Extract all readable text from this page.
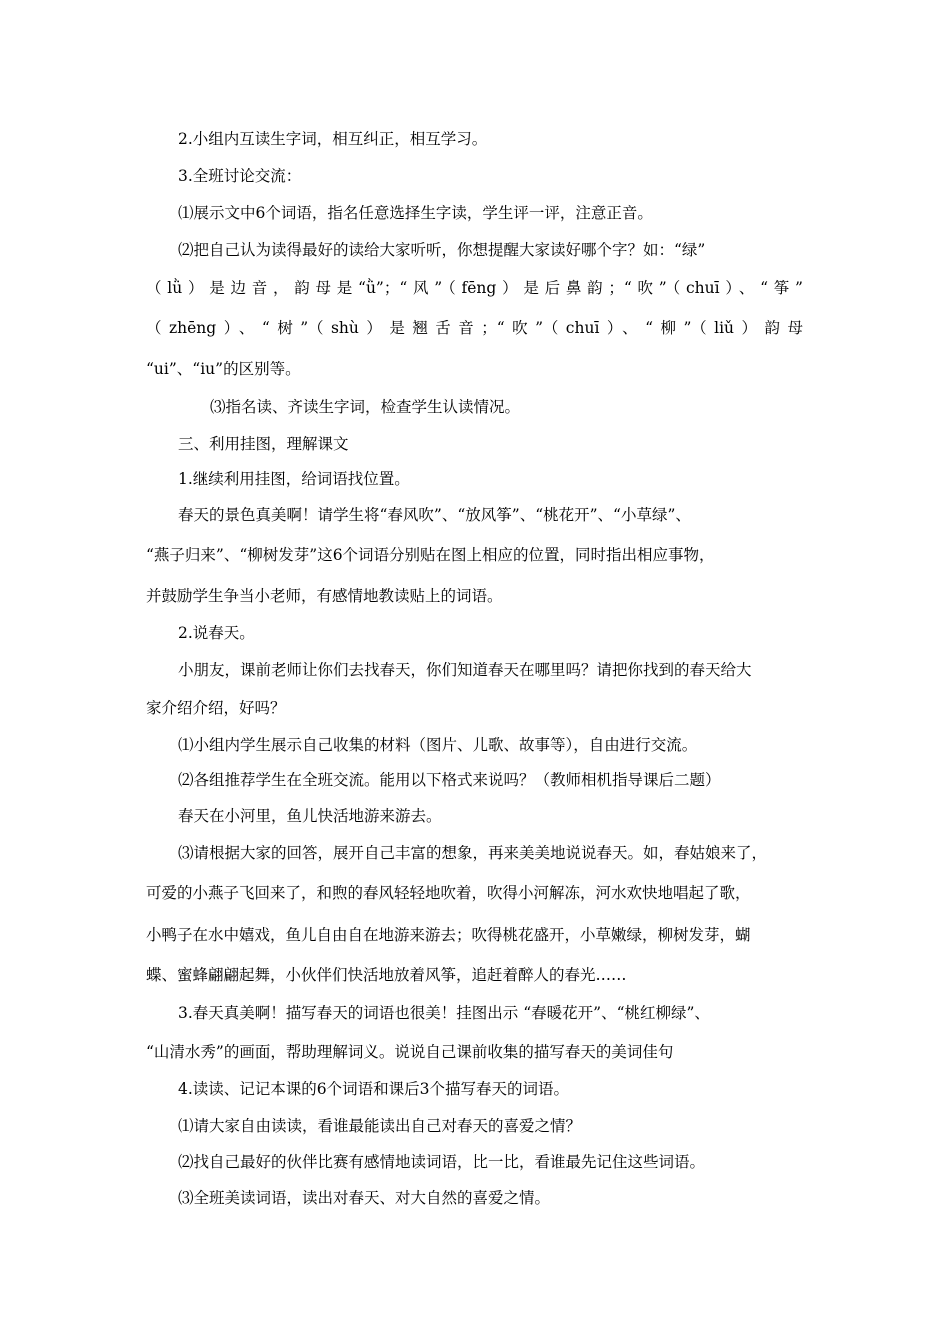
2.小组内互读生字词，相互纠正，相互学习。
3.全班讨论交流：
⑴展示文中6个词语，指名任意选择生字读，学生评一评，注意正音。
⑵把自己认为读得最好的读给大家听听，你想提醒大家读好哪个字？如：“绿”
（lǜ）是边音，韵母是“ǜ”；“风”（fēng）是后鼻韵；“吹”（chuī）、“筝”
（zhēng）、“树”（shù）是翘舌音；“吹”（chuī）、“柳”（liǔ）韵母
“ui”、“iu”的区别等。
⑶指名读、齐读生字词，检查学生认读情况。
三、利用挂图，理解课文
1.继续利用挂图，给词语找位置。
春天的景色真美啊！请学生将“春风吹”、“放风筝”、“桃花开”、“小草绿”、
“燕子归来”、“柳树发芽”这6个词语分别贴在图上相应的位置，同时指出相应事物，
并鼓励学生争当小老师，有感情地教读贴上的词语。
2.说春天。
小朋友，课前老师让你们去找春天，你们知道春天在哪里吗？请把你找到的春天给大
家介绍介绍，好吗？
⑴小组内学生展示自己收集的材料（图片、儿歌、故事等），自由进行交流。
⑵各组推荐学生在全班交流。能用以下格式来说吗？（教师相机指导课后二题）
春天在小河里，鱼儿快活地游来游去。
⑶请根据大家的回答，展开自己丰富的想象，再来美美地说说春天。如，春姑娘来了，
可爱的小燕子飞回来了，和煦的春风轻轻地吹着，吹得小河解冻，河水欢快地唱起了歌，
小鸭子在水中嬉戏，鱼儿自由自在地游来游去；吹得桃花盛开，小草嫩绿，柳树发芽，蝴
蝶、蜜蜂翩翩起舞，小伙伴们快活地放着风筝，追赶着醉人的春光……
3.春天真美啊！描写春天的词语也很美！挂图出示 “春暖花开”、“桃红柳绿”、
“山清水秀”的画面，帮助理解词义。说说自己课前收集的描写春天的美词佳句
4.读读、记记本课的6个词语和课后3个描写春天的词语。
⑴请大家自由读读，看谁最能读出自己对春天的喜爱之情？
⑵找自己最好的伙伴比赛有感情地读词语，比一比，看谁最先记住这些词语。
⑶全班美读词语，读出对春天、对大自然的喜爱之情。
